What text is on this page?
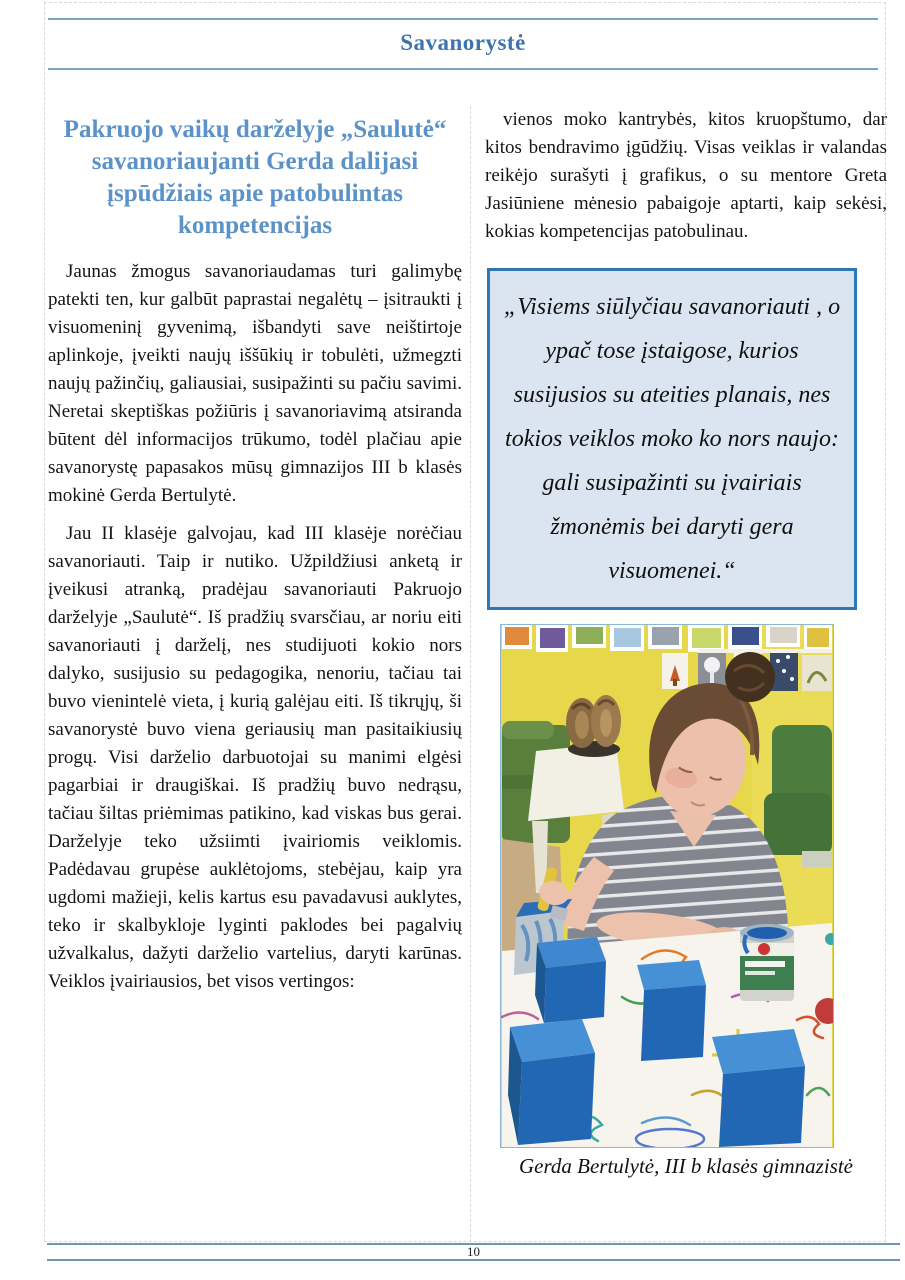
Savanorystė
Pakruojo vaikų darželyje „Saulutė“ savanoriaujanti Gerda dalijasi įspūdžiais apie patobulintas kompetencijas

Jaunas žmogus savanoriaudamas turi galimybę patekti ten, kur galbūt paprastai negalėtų – įsitraukti į visuomeninį gyvenimą, išbandyti save neištirtoje aplinkoje, įveikti naujų iššūkių ir tobulėti, užmegzti naujų pažinčių, galiausiai, susipažinti su pačiu savimi. Neretai skeptiškas požiūris į savanoriavimą atsiranda būtent dėl informacijos trūkumo, todėl plačiau apie savanorystę papasakos mūsų gimnazijos III b klasės mokinė Gerda Bertulytė.

Jau II klasėje galvojau, kad III klasėje norėčiau savanoriauti. Taip ir nutiko. Užpildžiusi anketą ir įveikusi atranką, pradėjau savanoriauti Pakruojo darželyje „Saulutė“. Iš pradžių svarsčiau, ar noriu eiti savanoriauti į darželį, nes studijuoti kokio nors dalyko, susijusio su pedagogika, nenoriu, tačiau tai buvo vienintelė vieta, į kurią galėjau eiti. Iš tikrųjų, ši savanorystė buvo viena geriausių man pasitaikiusių progų. Visi darželio darbuotojai su manimi elgėsi pagarbiai ir draugiškai. Iš pradžių buvo nedrąsu, tačiau šiltas priėmimas patikino, kad viskas bus gerai. Darželyje teko užsiimti įvairiomis veiklomis. Padėdavau grupėse auklėtojoms, stebėjau, kaip yra ugdomi mažieji, kelis kartus esu pavadavusi auklytes, teko ir skalbykloje lyginti paklodes bei pagalvių užvalkalus, dažyti darželio vartelius, daryti karūnas. Veiklos įvairiausios, bet visos vertingos:

vienos moko kantrybės, kitos kruopštumo, dar kitos bendravimo įgūdžių. Visas veiklas ir valandas reikėjo surašyti į grafikus, o su mentore Greta Jasiūniene mėnesio pabaigoje aptarti, kaip sekėsi, kokias kompetencijas patobulinau.

„Visiems siūlyčiau savanoriauti , o ypač tose įstaigose, kurios susijusios su ateities planais, nes tokios veiklos moko ko nors naujo: gali susipažinti su įvairiais žmonėmis bei daryti gera visuomenei.“
Gerda Bertulytė, III b klasės gimnazistė
10
